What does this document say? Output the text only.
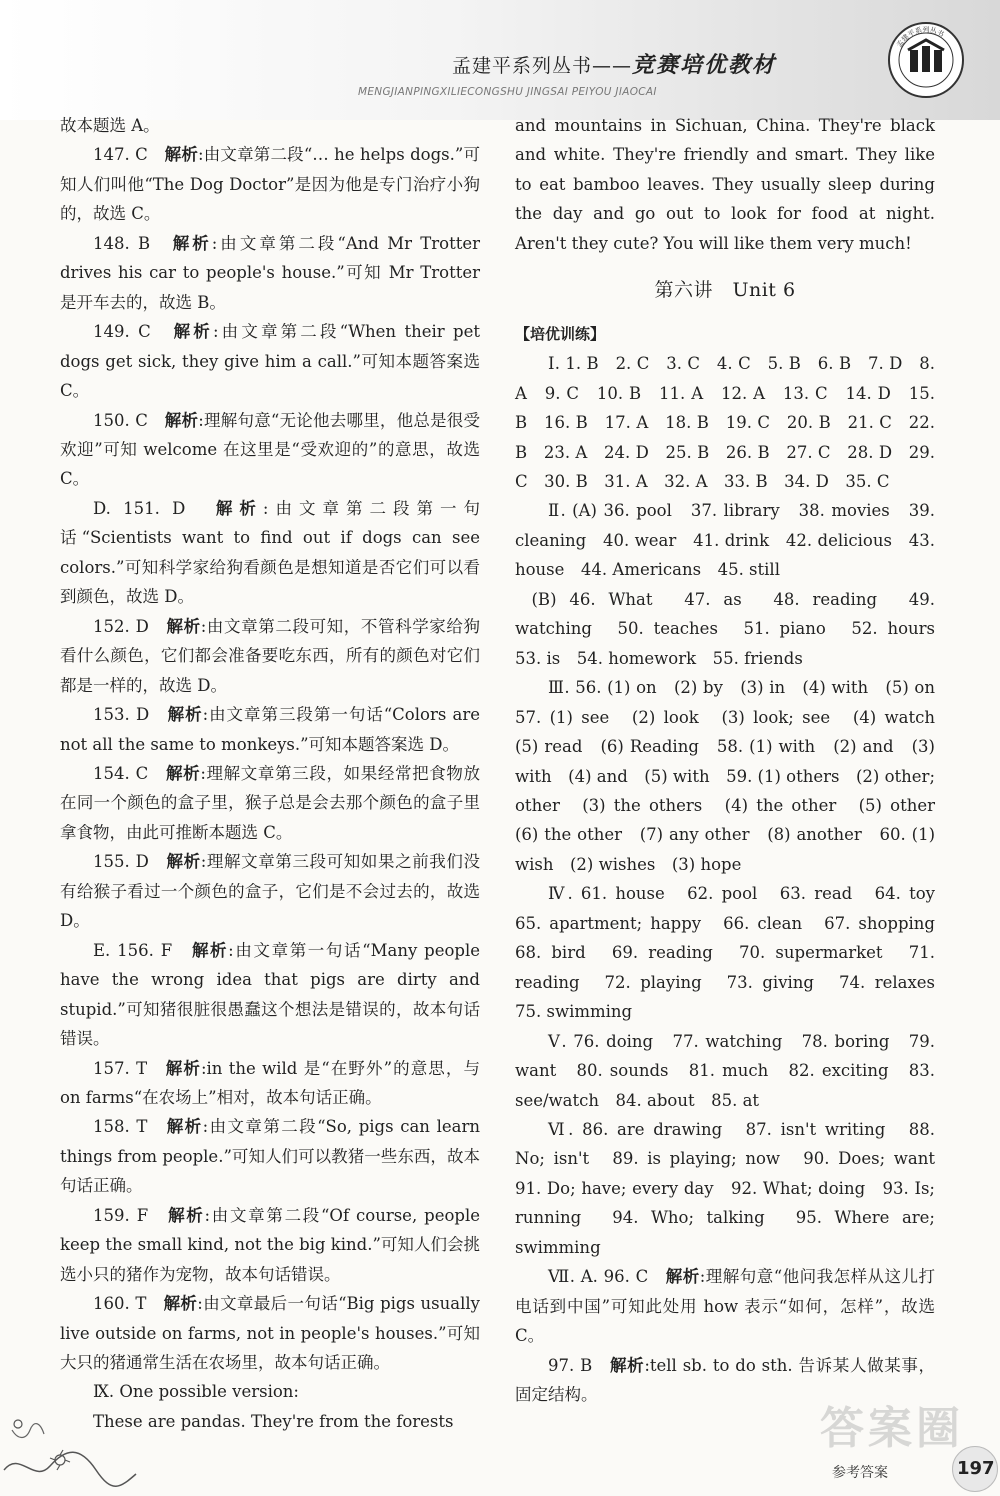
孟建平系列丛书——竞赛培优教材
MENGJIANPINGXILIECONGSHU JINGSAI PEIYOU JIAOCAI
孟建平系列丛书
故本题选 A。
147. C　 解析:由文章第二段“… he helps dogs.”可知人们叫他“The Dog Doctor”是因为他是专门治疗小狗的，故选 C。
148. B　 解析:由文章第二段“And Mr Trotter drives his car to people's house.”可知 Mr Trotter 是开车去的，故选 B。
149. C　 解析:由文章第二段“When their pet dogs get sick, they give him a call.”可知本题答案选 C。
150. C　 解析:理解句意“无论他去哪里，他总是很受欢迎”可知 welcome 在这里是“受欢迎的”的意思，故选 C。
D. 151. D　 解析:由文章第二段第一句话“Scientists want to find out if dogs can see colors.”可知科学家给狗看颜色是想知道是否它们可以看到颜色，故选 D。
152. D　 解析:由文章第二段可知，不管科学家给狗看什么颜色，它们都会准备要吃东西，所有的颜色对它们都是一样的，故选 D。
153. D　 解析:由文章第三段第一句话“Colors are not all the same to monkeys.”可知本题答案选 D。
154. C　 解析:理解文章第三段，如果经常把食物放在同一个颜色的盒子里，猴子总是会去那个颜色的盒子里拿食物，由此可推断本题选 C。
155. D　 解析:理解文章第三段可知如果之前我们没有给猴子看过一个颜色的盒子，它们是不会过去的，故选 D。
E. 156. F　 解析:由文章第一句话“Many people have the wrong idea that pigs are dirty and stupid.”可知猪很脏很愚蠢这个想法是错误的，故本句话错误。
157. T　 解析:in the wild 是“在野外”的意思，与 on farms“在农场上”相对，故本句话正确。
158. T　 解析:由文章第二段“So, pigs can learn things from people.”可知人们可以教猪一些东西，故本句话正确。
159. F　 解析:由文章第二段“Of course, people keep the small kind, not the big kind.”可知人们会挑选小只的猪作为宠物，故本句话错误。
160. T　 解析:由文章最后一句话“Big pigs usually live outside on farms, not in people's houses.”可知大只的猪通常生活在农场里，故本句话正确。
Ⅸ. One possible version:
These are pandas. They're from the forests
and mountains in Sichuan, China. They're black and white. They're friendly and smart. They like to eat bamboo leaves. They usually sleep during the day and go out to look for food at night. Aren't they cute? You will like them very much!
第六讲　Unit 6
【培优训练】
Ⅰ. 1. B　2. C　3. C　4. C　5. B　6. B　7. D　8. A　9. C　10. B　11. A　12. A　13. C　14. D　15. B　16. B　17. A　18. B　19. C　20. B　21. C　22. B　23. A　24. D　25. B　26. B　27. C　28. D　29. C　30. B　31. A　32. A　33. B　34. D　35. C
Ⅱ. (A) 36. pool　37. library　38. movies　39. cleaning　40. wear　41. drink　42. delicious　43. house　44. Americans　45. still
(B) 46. What　47. as　48. reading　49. watching　50. teaches　51. piano　52. hours　53. is　54. homework　55. friends
Ⅲ. 56. (1) on　(2) by　(3) in　(4) with　(5) on　57. (1) see　(2) look　(3) look; see　(4) watch　(5) read　(6) Reading　58. (1) with　(2) and　(3) with　(4) and　(5) with　59. (1) others　(2) other; other　(3) the others　(4) the other　(5) other　(6) the other　(7) any other　(8) another　60. (1) wish　(2) wishes　(3) hope
Ⅳ. 61. house　62. pool　63. read　64. toy　65. apartment; happy　66. clean　67. shopping　68. bird　69. reading　70. supermarket　71. reading　72. playing　73. giving　74. relaxes　75. swimming
Ⅴ. 76. doing　77. watching　78. boring　79. want　80. sounds　81. much　82. exciting　83. see/watch　84. about　85. at
Ⅵ. 86. are drawing　87. isn't writing　88. No; isn't　89. is playing; now　90. Does; want　91. Do; have; every day　92. What; doing　93. Is; running　94. Who; talking　95. Where are; swimming
Ⅶ. A. 96. C　 解析:理解句意“他问我怎样从这儿打电话到中国”可知此处用 how 表示“如何，怎样”，故选 C。
97. B　 解析:tell sb. to do sth. 告诉某人做某事，固定结构。
答案圈
参考答案	197
